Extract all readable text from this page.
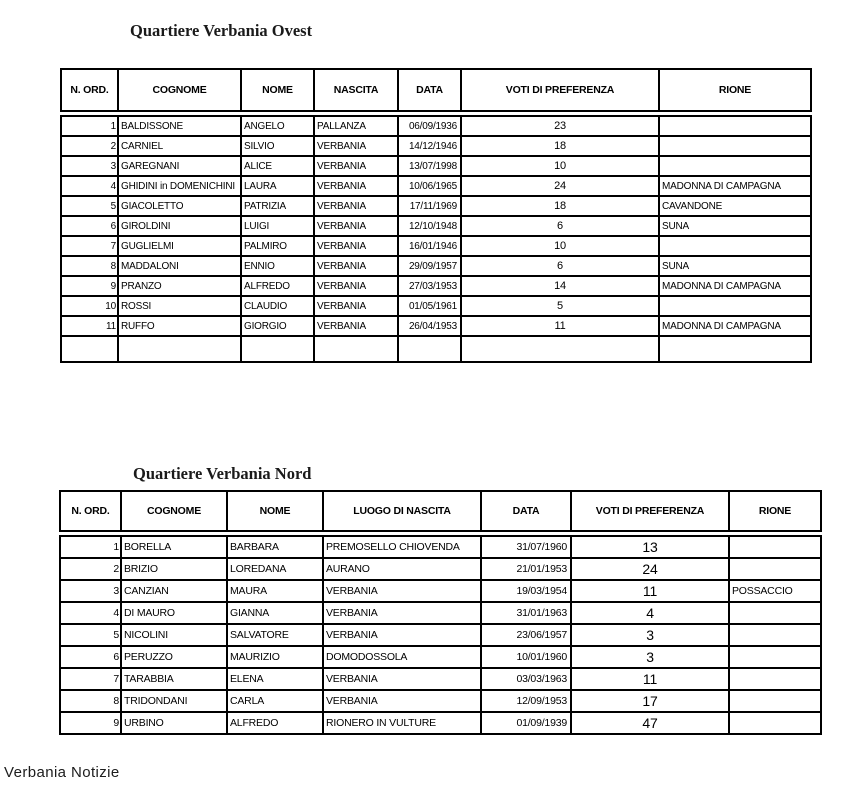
Quartiere Verbania Ovest
N. ORD.	COGNOME	NOME	NASCITA	DATA	VOTI DI PREFERENZA	RIONE
1	BALDISSONE	ANGELO	PALLANZA	06/09/1936	23	
2	CARNIEL	SILVIO	VERBANIA	14/12/1946	18	
3	GAREGNANI	ALICE	VERBANIA	13/07/1998	10	
4	GHIDINI in DOMENICHINI	LAURA	VERBANIA	10/06/1965	24	MADONNA DI CAMPAGNA
5	GIACOLETTO	PATRIZIA	VERBANIA	17/11/1969	18	CAVANDONE
6	GIROLDINI	LUIGI	VERBANIA	12/10/1948	6	SUNA
7	GUGLIELMI	PALMIRO	VERBANIA	16/01/1946	10	
8	MADDALONI	ENNIO	VERBANIA	29/09/1957	6	SUNA
9	PRANZO	ALFREDO	VERBANIA	27/03/1953	14	MADONNA DI CAMPAGNA
10	ROSSI	CLAUDIO	VERBANIA	01/05/1961	5	
11	RUFFO	GIORGIO	VERBANIA	26/04/1953	11	MADONNA DI CAMPAGNA

Quartiere Verbania Nord
N. ORD.	COGNOME	NOME	LUOGO DI NASCITA	DATA	VOTI DI PREFERENZA	RIONE
1	BORELLA	BARBARA	PREMOSELLO CHIOVENDA	31/07/1960	13	
2	BRIZIO	LOREDANA	AURANO	21/01/1953	24	
3	CANZIAN	MAURA	VERBANIA	19/03/1954	11	POSSACCIO
4	DI MAURO	GIANNA	VERBANIA	31/01/1963	4	
5	NICOLINI	SALVATORE	VERBANIA	23/06/1957	3	
6	PERUZZO	MAURIZIO	DOMODOSSOLA	10/01/1960	3	
7	TARABBIA	ELENA	VERBANIA	03/03/1963	11	
8	TRIDONDANI	CARLA	VERBANIA	12/09/1953	17	
9	URBINO	ALFREDO	RIONERO IN VULTURE	01/09/1939	47	
Verbania Notizie
